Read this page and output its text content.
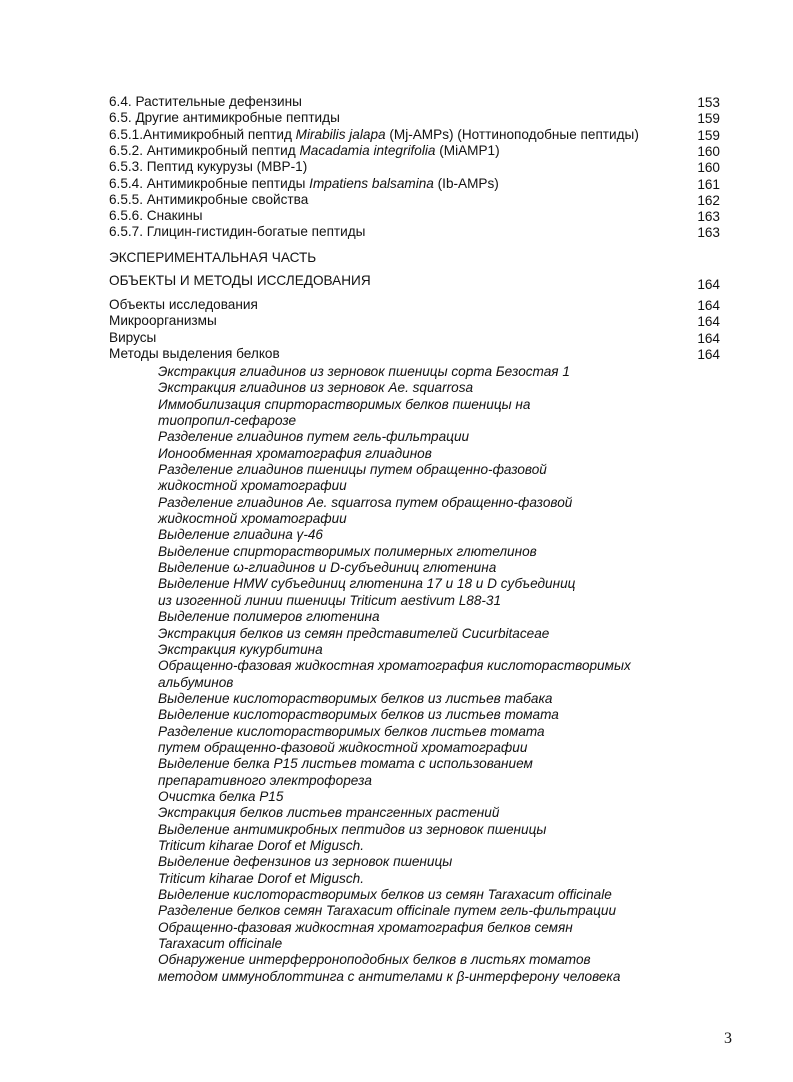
6.4. Растительные дефензины	153
6.5. Другие антимикробные пептиды	159
6.5.1.Антимикробный пептид Mirabilis jalapa (Mj-AMPs) (Ноттиноподобные пептиды)	159
6.5.2. Антимикробный пептид Macadamia integrifolia (MiAMP1)	160
6.5.3. Пептид кукурузы (MBP-1)	160
6.5.4. Антимикробные пептиды Impatiens balsamina (Ib-AMPs)	161
6.5.5. Антимикробные свойства	162
6.5.6. Снакины	163
6.5.7. Глицин-гистидин-богатые пептиды	163
ЭКСПЕРИМЕНТАЛЬНАЯ ЧАСТЬ
ОБЪЕКТЫ И МЕТОДЫ ИССЛЕДОВАНИЯ	164
Объекты исследования	164
Микроорганизмы	164
Вирусы	164
Методы выделения белков	164
Экстракция глиадинов из зерновок пшеницы сорта Безостая 1
Экстракция глиадинов из зерновок Ae. squarrosa
Иммобилизация спирторастворимых белков пшеницы на
тиопропил-сефарозе
Разделение глиадинов путем гель-фильтрации
Ионообменная хроматография глиадинов
Разделение глиадинов пшеницы путем обращенно-фазовой
жидкостной хроматографии
Разделение глиадинов Ae. squarrosa путем обращенно-фазовой
жидкостной хроматографии
Выделение глиадина γ-46
Выделение спирторастворимых полимерных глютелинов
Выделение ω-глиадинов и D-субъединиц глютенина
Выделение HMW субъединиц глютенина 17 и 18 и D субъединиц
из изогенной линии пшеницы Triticum aestivum L88-31
Выделение полимеров глютенина
Экстракция белков из семян представителей Cucurbitaceae
Экстракция кукурбитина
Обращенно-фазовая жидкостная хроматография кислоторастворимых
альбуминов
Выделение кислоторастворимых белков из листьев табака
Выделение кислоторастворимых белков из листьев томата
Разделение кислоторастворимых белков листьев томата
путем обращенно-фазовой жидкостной хроматографии
Выделение белка P15 листьев томата с использованием
препаративного электрофореза
Очистка белка P15
Экстракция белков листьев трансгенных растений
Выделение антимикробных пептидов из зерновок пшеницы
Triticum kiharae Dorof et Migusch.
Выделение дефензинов из зерновок пшеницы
Triticum kiharae Dorof et Migusch.
Выделение кислоторастворимых белков из семян Taraxacum officinale
Разделение белков семян Taraxacum officinale путем гель-фильтрации
Обращенно-фазовая жидкостная хроматография белков семян
Taraxacum officinale
Обнаружение интерферроноподобных белков в листьях томатов
методом иммуноблоттинга с антителами к β-интерферону человека
3
